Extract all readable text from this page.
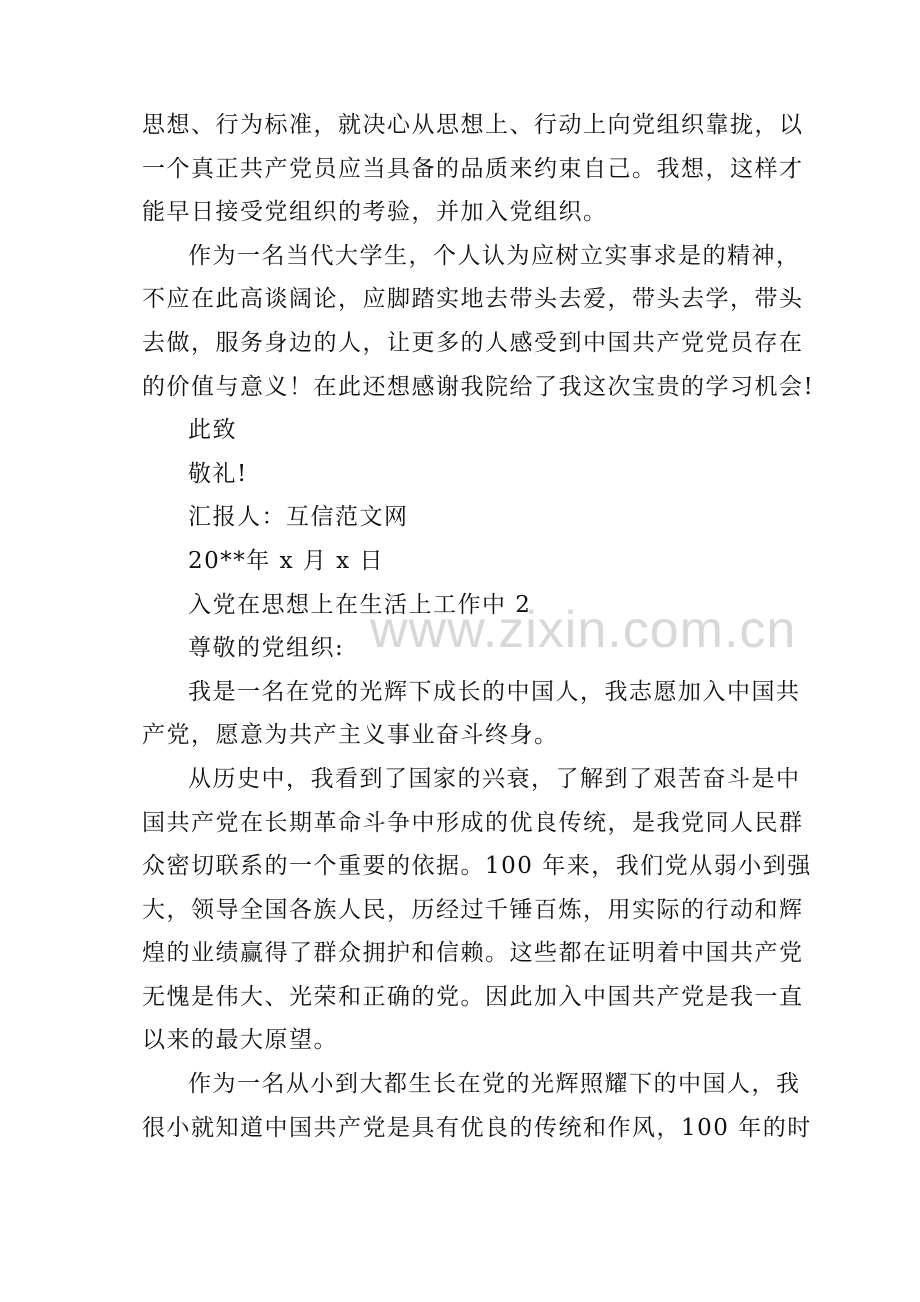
思想、行为标准，就决心从思想上、行动上向党组织靠拢，以
一个真正共产党员应当具备的品质来约束自己。我想，这样才
能早日接受党组织的考验，并加入党组织。
作为一名当代大学生，个人认为应树立实事求是的精神，
不应在此高谈阔论，应脚踏实地去带头去爱，带头去学，带头
去做，服务身边的人，让更多的人感受到中国共产党党员存在
的价值与意义！在此还想感谢我院给了我这次宝贵的学习机会!
此致
敬礼!
汇报人：互信范文网
20**年 x 月 x 日
入党在思想上在生活上工作中 2
尊敬的党组织:
我是一名在党的光辉下成长的中国人，我志愿加入中国共
产党，愿意为共产主义事业奋斗终身。
从历史中，我看到了国家的兴衰，了解到了艰苦奋斗是中
国共产党在长期革命斗争中形成的优良传统，是我党同人民群
众密切联系的一个重要的依据。100 年来，我们党从弱小到强
大，领导全国各族人民，历经过千锤百炼，用实际的行动和辉
煌的业绩赢得了群众拥护和信赖。这些都在证明着中国共产党
无愧是伟大、光荣和正确的党。因此加入中国共产党是我一直
以来的最大原望。
作为一名从小到大都生长在党的光辉照耀下的中国人，我
很小就知道中国共产党是具有优良的传统和作风，100 年的时
www.zixin.com.cn
